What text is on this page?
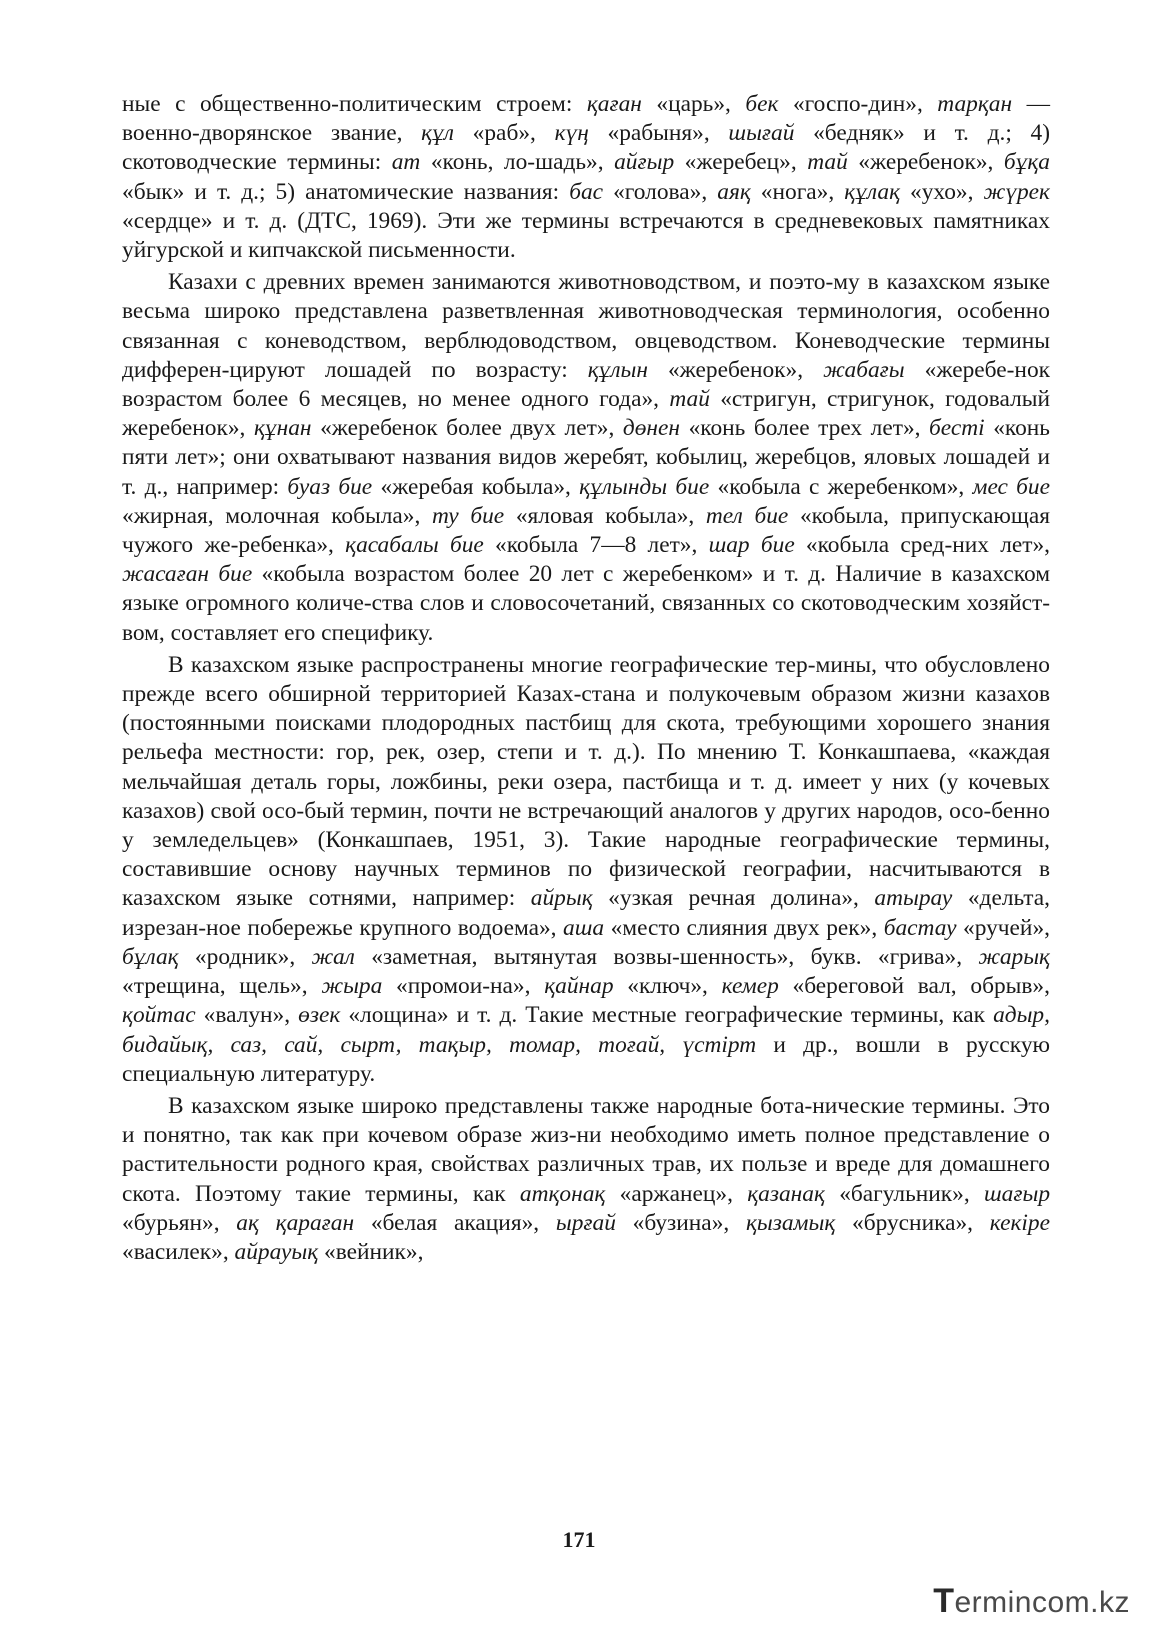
ные с общественно-политическим строем: қаған «царь», бек «госпо-дин», тарқан — военно-дворянское звание, құл «раб», күң «рабыня», шығай «бедняк» и т. д.; 4) скотоводческие термины: ат «конь, ло-шадь», айғыр «жеребец», тай «жеребенок», бұқа «бык» и т. д.; 5) анатомические названия: бас «голова», аяқ «нога», құлақ «ухо», жүрек «сердце» и т. д. (ДТС, 1969). Эти же термины встречаются в средневековых памятниках уйгурской и кипчакской письменности.

Казахи с древних времен занимаются животноводством, и поэто-му в казахском языке весьма широко представлена разветвленная животноводческая терминология, особенно связанная с коневодством, верблюдоводством, овцеводством. Коневодческие термины дифферен-цируют лошадей по возрасту: құлын «жеребенок», жабағы «жеребе-нок возрастом более 6 месяцев, но менее одного года», тай «стригун, стригунок, годовалый жеребенок», құнан «жеребенок более двух лет», дөнен «конь более трех лет», бесті «конь пяти лет»; они охватывают названия видов жеребят, кобылиц, жеребцов, яловых лошадей и т. д., например: буаз бие «жеребая кобыла», құлынды бие «кобыла с жеребенком», мес бие «жирная, молочная кобыла», ту бие «яловая кобыла», тел бие «кобыла, припускающая чужого же-ребенка», қасабалы бие «кобыла 7—8 лет», шар бие «кобыла сред-них лет», жасаған бие «кобыла возрастом более 20 лет с жеребенком» и т. д. Наличие в казахском языке огромного количе-ства слов и словосочетаний, связанных со скотоводческим хозяйст-вом, составляет его специфику.

В казахском языке распространены многие географические тер-мины, что обусловлено прежде всего обширной территорией Казах-стана и полукочевым образом жизни казахов (постоянными поисками плодородных пастбищ для скота, требующими хорошего знания рельефа местности: гор, рек, озер, степи и т. д.). По мнению Т. Конкашпаева, «каждая мельчайшая деталь горы, ложбины, реки озера, пастбища и т. д. имеет у них (у кочевых казахов) свой осо-бый термин, почти не встречающий аналогов у других народов, осо-бенно у земледельцев» (Конкашпаев, 1951, 3). Такие народные географические термины, составившие основу научных терминов по физической географии, насчитываются в казахском языке сотнями, например: айрық «узкая речная долина», атырау «дельта, изрезан-ное побережье крупного водоема», аша «место слияния двух рек», бастау «ручей», бұлақ «родник», жал «заметная, вытянутая возвы-шенность», букв. «грива», жарық «трещина, щель», жыра «промои-на», қайнар «ключ», кемер «береговой вал, обрыв», қойтас «валун», өзек «лощина» и т. д. Такие местные географические термины, как адыр, бидайық, саз, сай, сырт, тақыр, томар, тоғай, үстірт и др., вошли в русскую специальную литературу.

В казахском языке широко представлены также народные бота-нические термины. Это и понятно, так как при кочевом образе жиз-ни необходимо иметь полное представление о растительности родного края, свойствах различных трав, их пользе и вреде для домашнего скота. Поэтому такие термины, как атқонақ «аржанец», қазанақ «багульник», шағыр «бурьян», ақ қараған «белая акация», ырғай «бузина», қызамық «брусника», кекіре «василек», айрауық «вейник»,

171
Termincom.kz
